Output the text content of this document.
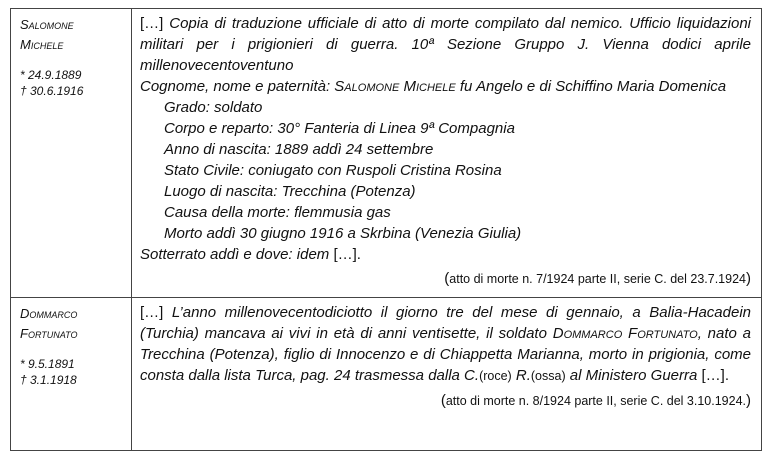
Salomone
Michele
* 24.9.1889
† 30.6.1916
[…] Copia di traduzione ufficiale di atto di morte compilato dal nemico. Ufficio liquidazioni militari per i prigionieri di guerra. 10ª Sezione Gruppo J. Vienna dodici aprile millenovecentoventuno
Cognome, nome e paternità: Salomone Michele fu Angelo e di Schiffino Maria Domenica
Grado: soldato
Corpo e reparto: 30° Fanteria di Linea 9ª Compagnia
Anno di nascita: 1889 addì 24 settembre
Stato Civile: coniugato con Ruspoli Cristina Rosina
Luogo di nascita: Trecchina (Potenza)
Causa della morte: flemmusia gas
Morto addì 30 giugno 1916 a Skrbina (Venezia Giulia)
Sotterrato addì e dove: idem […].
(atto di morte n. 7/1924 parte II, serie C. del 23.7.1924)
Dommarco
Fortunato
* 9.5.1891
† 3.1.1918
[…] L’anno millenovecentodiciotto il giorno tre del mese di gennaio, a Balia-Hacadein (Turchia) mancava ai vivi in età di anni ventisette, il soldato Dommarco Fortunato, nato a Trecchina (Potenza), figlio di Innocenzo e di Chiappetta Marianna, morto in prigionia, come consta dalla lista Turca, pag. 24 trasmessa dalla C.(roce) R.(ossa) al Ministero Guerra […].
(atto di morte n. 8/1924 parte II, serie C. del 3.10.1924.)
